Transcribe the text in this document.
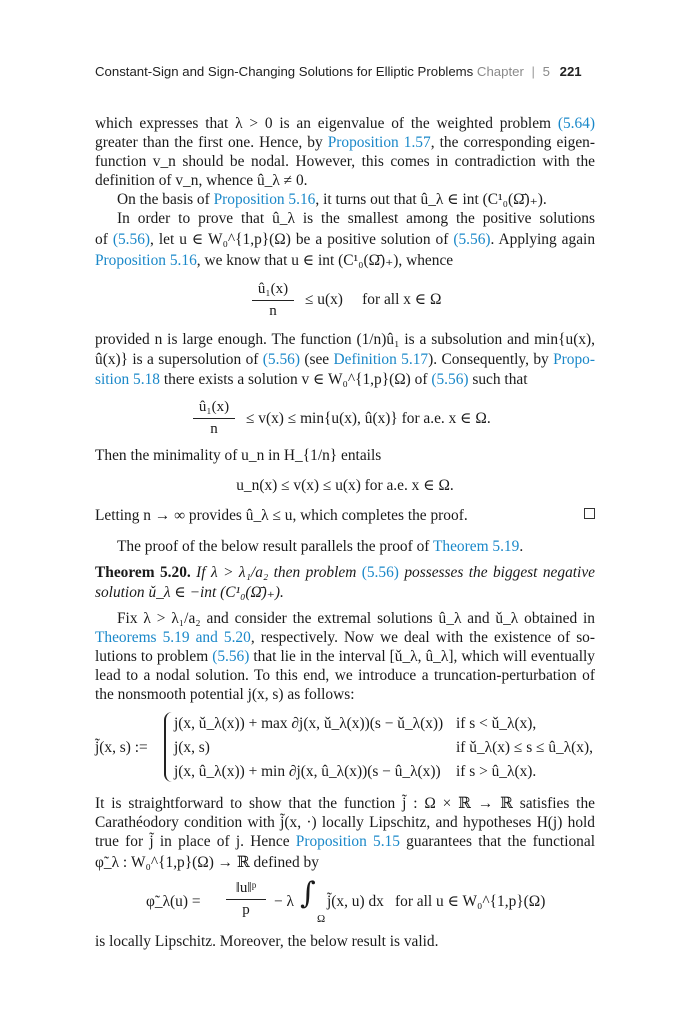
Constant-Sign and Sign-Changing Solutions for Elliptic Problems Chapter | 5 221
which expresses that λ > 0 is an eigenvalue of the weighted problem (5.64)
greater than the first one. Hence, by Proposition 1.57, the corresponding eigen-
function v_n should be nodal. However, this comes in contradiction with the
definition of v_n, whence û_λ ≠ 0.
On the basis of Proposition 5.16, it turns out that û_λ ∈ int (C¹₀(Ω̄)₊).
In order to prove that û_λ is the smallest among the positive solutions
of (5.56), let u ∈ W₀^{1,p}(Ω) be a positive solution of (5.56). Applying again
Proposition 5.16, we know that u ∈ int (C¹₀(Ω̄)₊), whence
û₁(x)
n
≤ u(x)     for all x ∈ Ω
provided n is large enough. The function (1/n)û₁ is a subsolution and min{u(x),
û(x)} is a supersolution of (5.56) (see Definition 5.17). Consequently, by Propo-
sition 5.18 there exists a solution v ∈ W₀^{1,p}(Ω) of (5.56) such that
û₁(x)
n
≤ v(x) ≤ min{u(x), û(x)} for a.e. x ∈ Ω.
Then the minimality of u_n in H_{1/n} entails
u_n(x) ≤ v(x) ≤ u(x) for a.e. x ∈ Ω.
Letting n → ∞ provides û_λ ≤ u, which completes the proof.
The proof of the below result parallels the proof of Theorem 5.19.
Theorem 5.20. If λ > λ₁/a₂ then problem (5.56) possesses the biggest negative
solution ǔ_λ ∈ −int (C¹₀(Ω̄)₊).
Fix λ > λ₁/a₂ and consider the extremal solutions û_λ and ǔ_λ obtained in
Theorems 5.19 and 5.20, respectively. Now we deal with the existence of so-
lutions to problem (5.56) that lie in the interval [ǔ_λ, û_λ], which will eventually
lead to a nodal solution. To this end, we introduce a truncation-perturbation of
the nonsmooth potential j(x, s) as follows:
j̃(x, s) :=
j(x, ǔ_λ(x)) + max ∂j(x, ǔ_λ(x))(s − ǔ_λ(x)) if s < ǔ_λ(x),
j(x, s)	if ǔ_λ(x) ≤ s ≤ û_λ(x),
j(x, û_λ(x)) + min ∂j(x, û_λ(x))(s − û_λ(x)) if s > û_λ(x).
It is straightforward to show that the function j̃ : Ω × ℝ → ℝ satisfies the
Carathéodory condition with j̃(x, ·) locally Lipschitz, and hypotheses H(j) hold
true for j̃ in place of j. Hence Proposition 5.15 guarantees that the functional
φ̃_λ : W₀^{1,p}(Ω) → ℝ defined by
φ̃_λ(u) =
‖u‖ᵖ
p	− λ ∫
Ω
j̃(x, u) dx for all u ∈ W₀^{1,p}(Ω)
is locally Lipschitz. Moreover, the below result is valid.
